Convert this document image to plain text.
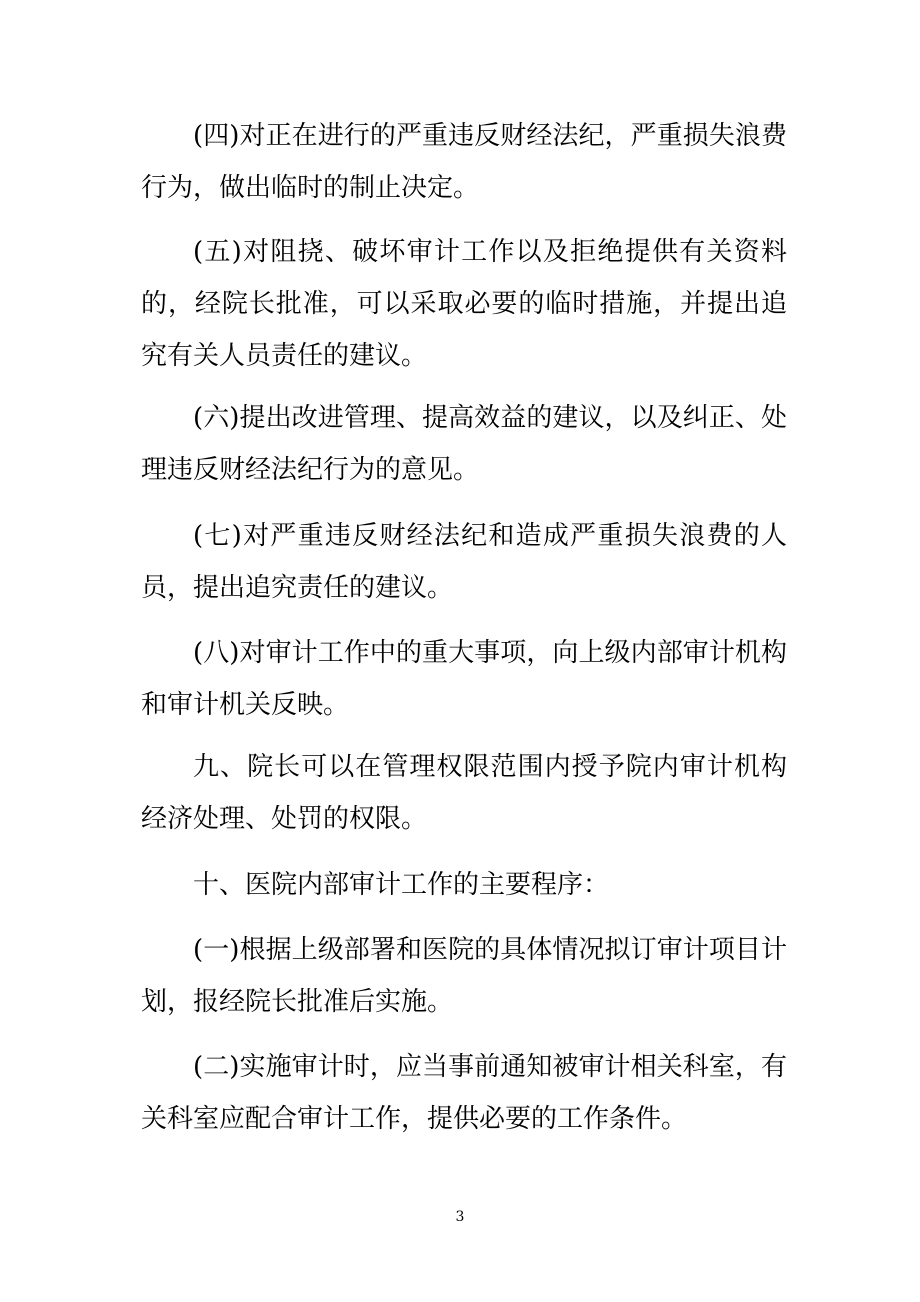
(四)对正在进行的严重违反财经法纪，严重损失浪费行为，做出临时的制止决定。

(五)对阻挠、破坏审计工作以及拒绝提供有关资料的，经院长批准，可以采取必要的临时措施，并提出追究有关人员责任的建议。

(六)提出改进管理、提高效益的建议，以及纠正、处理违反财经法纪行为的意见。

(七)对严重违反财经法纪和造成严重损失浪费的人员，提出追究责任的建议。

(八)对审计工作中的重大事项，向上级内部审计机构和审计机关反映。

九、院长可以在管理权限范围内授予院内审计机构经济处理、处罚的权限。

十、医院内部审计工作的主要程序：

(一)根据上级部署和医院的具体情况拟订审计项目计划，报经院长批准后实施。

(二)实施审计时，应当事前通知被审计相关科室，有关科室应配合审计工作，提供必要的工作条件。

3
